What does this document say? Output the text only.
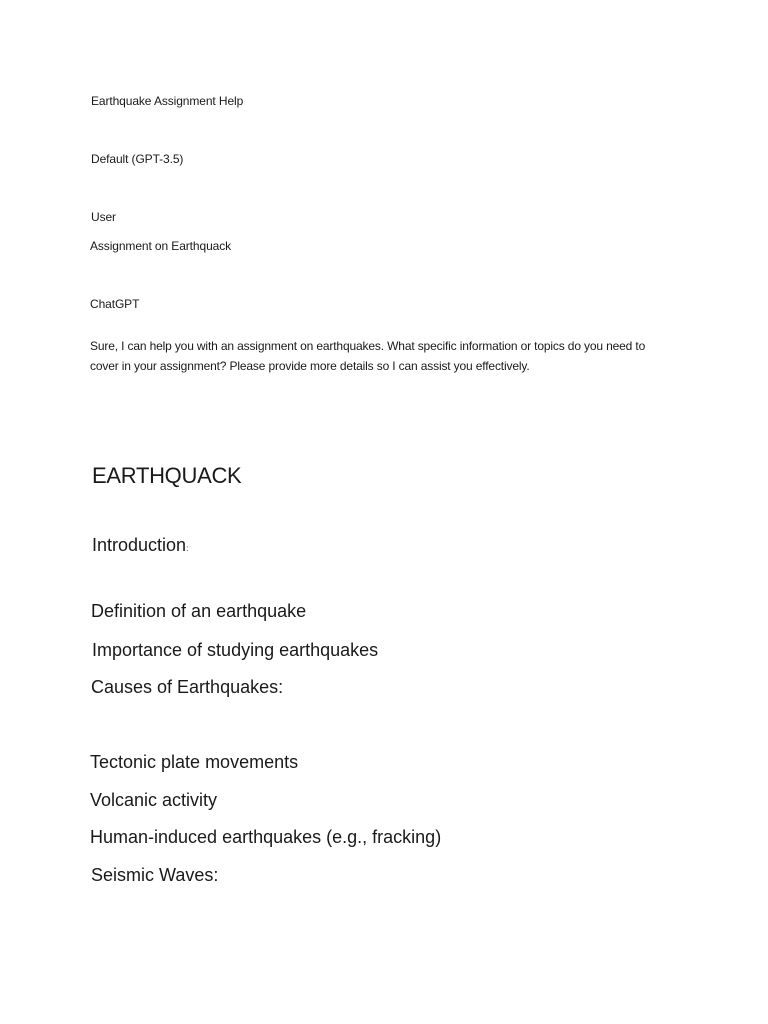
Earthquake Assignment Help

Default (GPT-3.5)

User

Assignment on Earthquack

ChatGPT

Sure, I can help you with an assignment on earthquakes. What specific information or topics do you need to cover in your assignment? Please provide more details so I can assist you effectively.

EARTHQUACK

Introduction:

Definition of an earthquake

Importance of studying earthquakes

Causes of Earthquakes:

Tectonic plate movements

Volcanic activity

Human-induced earthquakes (e.g., fracking)

Seismic Waves:
